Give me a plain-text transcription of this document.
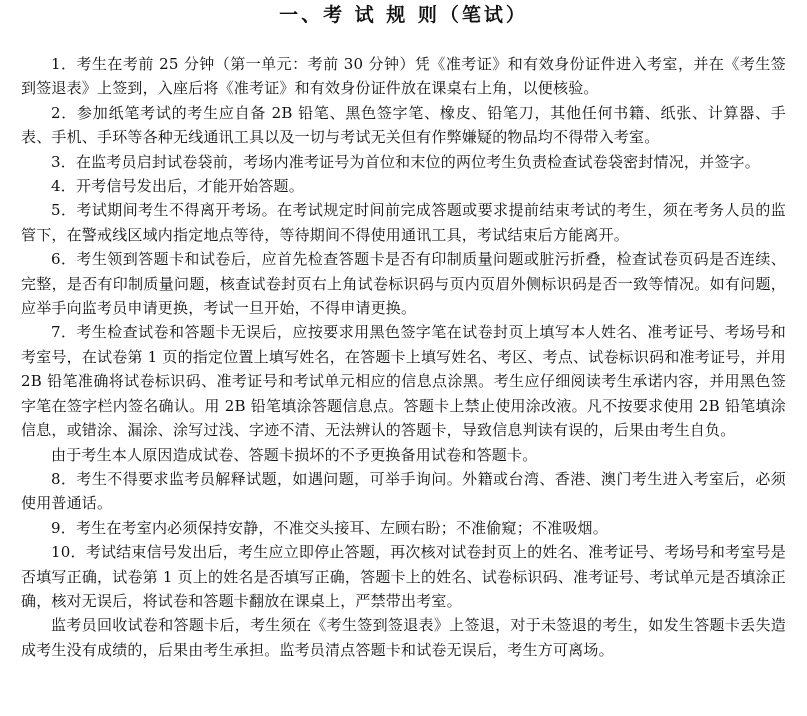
一、考 试 规 则（笔试）

1．考生在考前 25 分钟（第一单元：考前 30 分钟）凭《准考证》和有效身份证件进入考室，并在《考生签到签退表》上签到，入座后将《准考证》和有效身份证件放在课桌右上角，以便核验。

2．参加纸笔考试的考生应自备 2B 铅笔、黑色签字笔、橡皮、铅笔刀，其他任何书籍、纸张、计算器、手表、手机、手环等各种无线通讯工具以及一切与考试无关但有作弊嫌疑的物品均不得带入考室。

3．在监考员启封试卷袋前，考场内准考证号为首位和末位的两位考生负责检查试卷袋密封情况，并签字。

4．开考信号发出后，才能开始答题。

5．考试期间考生不得离开考场。在考试规定时间前完成答题或要求提前结束考试的考生，须在考务人员的监管下，在警戒线区域内指定地点等待，等待期间不得使用通讯工具，考试结束后方能离开。

6．考生领到答题卡和试卷后，应首先检查答题卡是否有印制质量问题或脏污折叠，检查试卷页码是否连续、完整，是否有印制质量问题，核查试卷封页右上角试卷标识码与页内页眉外侧标识码是否一致等情况。如有问题，应举手向监考员申请更换，考试一旦开始，不得申请更换。

7．考生检查试卷和答题卡无误后，应按要求用黑色签字笔在试卷封页上填写本人姓名、准考证号、考场号和考室号，在试卷第 1 页的指定位置上填写姓名，在答题卡上填写姓名、考区、考点、试卷标识码和准考证号，并用 2B 铅笔准确将试卷标识码、准考证号和考试单元相应的信息点涂黑。考生应仔细阅读考生承诺内容，并用黑色签字笔在签字栏内签名确认。用 2B 铅笔填涂答题信息点。答题卡上禁止使用涂改液。凡不按要求使用 2B 铅笔填涂信息，或错涂、漏涂、涂写过浅、字迹不清、无法辨认的答题卡，导致信息判读有误的，后果由考生自负。

由于考生本人原因造成试卷、答题卡损坏的不予更换备用试卷和答题卡。

8．考生不得要求监考员解释试题，如遇问题，可举手询问。外籍或台湾、香港、澳门考生进入考室后，必须使用普通话。

9．考生在考室内必须保持安静，不准交头接耳、左顾右盼；不准偷窥；不准吸烟。

10．考试结束信号发出后，考生应立即停止答题，再次核对试卷封页上的姓名、准考证号、考场号和考室号是否填写正确，试卷第 1 页上的姓名是否填写正确，答题卡上的姓名、试卷标识码、准考证号、考试单元是否填涂正确，核对无误后，将试卷和答题卡翻放在课桌上，严禁带出考室。

监考员回收试卷和答题卡后，考生须在《考生签到签退表》上签退，对于未签退的考生，如发生答题卡丢失造成考生没有成绩的，后果由考生承担。监考员清点答题卡和试卷无误后，考生方可离场。
